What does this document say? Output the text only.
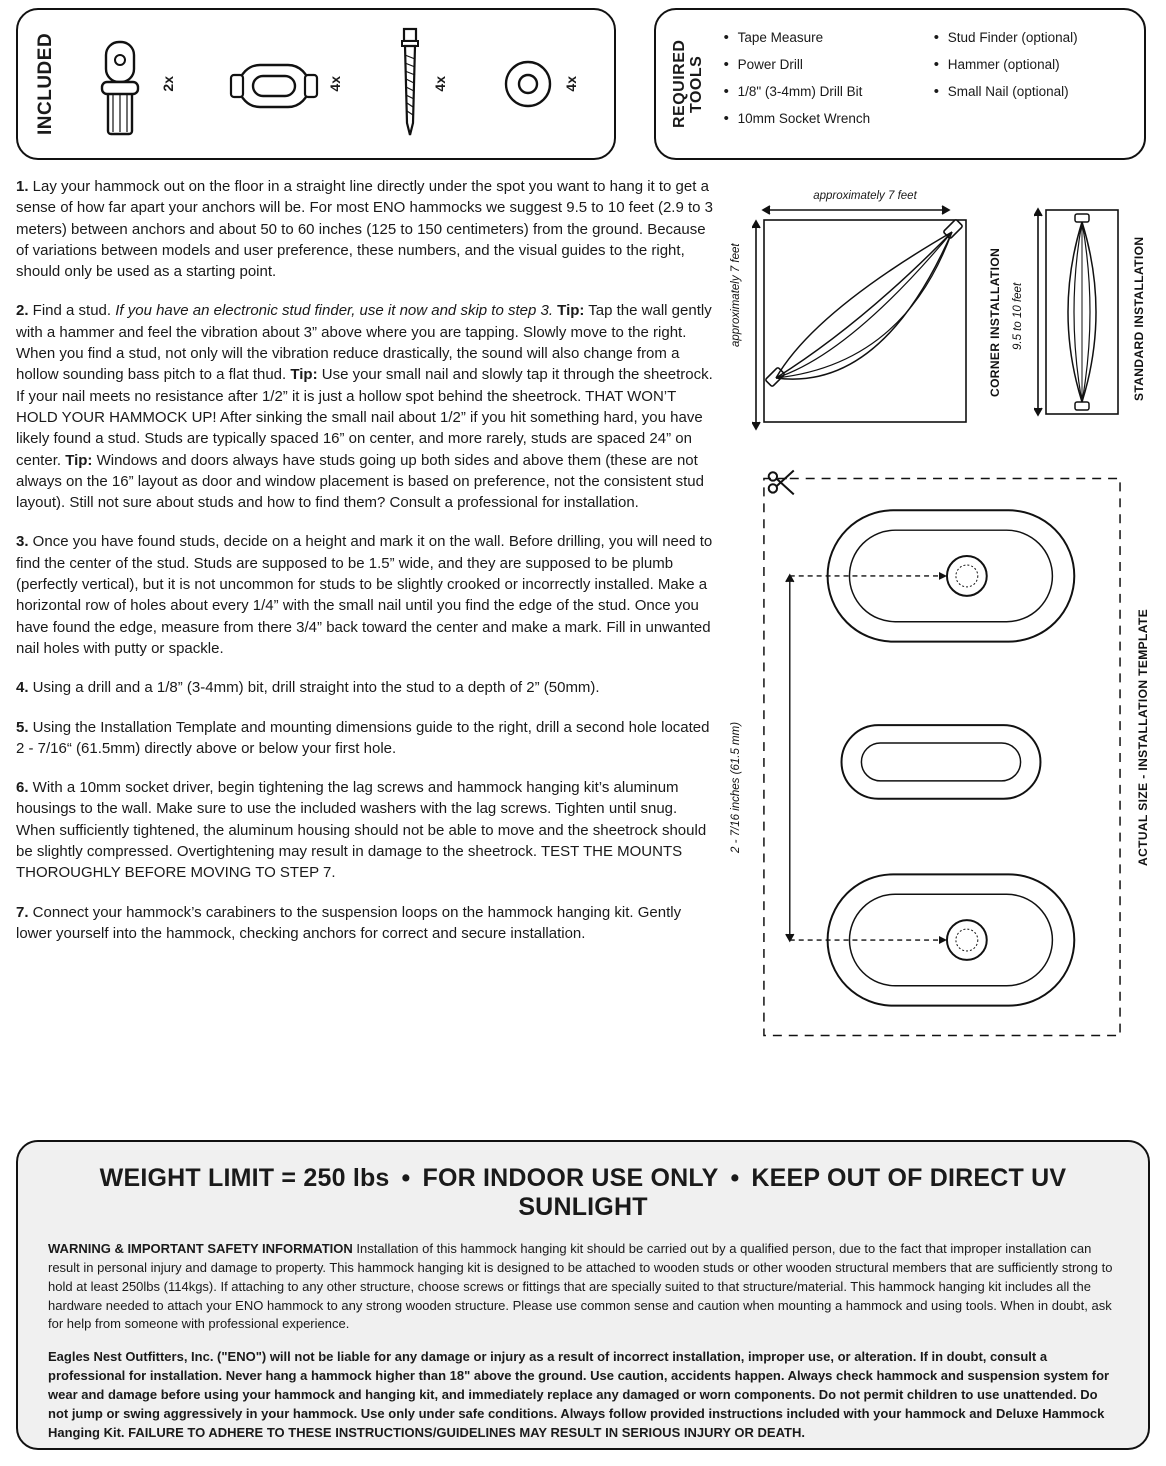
INCLUDED	2x	4x	4x	4x	REQUIRED
TOOLS
• Tape Measure
• Power Drill
• 1/8" (3-4mm) Drill Bit
• 10mm Socket Wrench
• Stud Finder (optional)
• Hammer (optional)
• Small Nail (optional)
1. Lay your hammock out on the floor in a straight line directly under the spot you want to hang it to get a sense of how far apart your anchors will be. For most ENO hammocks we suggest 9.5 to 10 feet (2.9 to 3 meters) between anchors and about 50 to 60 inches (125 to 150 centimeters) from the ground. Because of variations between models and user preference, these numbers, and the visual guides to the right, should only be used as a starting point.
2. Find a stud. If you have an electronic stud finder, use it now and skip to step 3. Tip: Tap the wall gently with a hammer and feel the vibration about 3” above where you are tapping. Slowly move to the right. When you find a stud, not only will the vibration reduce drastically, the sound will also change from a hollow sounding bass pitch to a flat thud. Tip: Use your small nail and slowly tap it through the sheetrock. If your nail meets no resistance after 1/2” it is just a hollow spot behind the sheetrock. THAT WON’T HOLD YOUR HAMMOCK UP! After sinking the small nail about 1/2” if you hit something hard, you have likely found a stud. Studs are typically spaced 16” on center, and more rarely, studs are spaced 24” on center. Tip: Windows and doors always have studs going up both sides and above them (these are not always on the 16” layout as door and window placement is based on preference, not the consistent stud layout). Still not sure about studs and how to find them? Consult a professional for installation.
3. Once you have found studs, decide on a height and mark it on the wall. Before drilling, you will need to find the center of the stud. Studs are supposed to be 1.5” wide, and they are supposed to be plumb (perfectly vertical), but it is not uncommon for studs to be slightly crooked or incorrectly installed. Make a horizontal row of holes about every 1/4” with the small nail until you find the edge of the stud. Once you have found the edge, measure from there 3/4” back toward the center and make a mark. Fill in unwanted nail holes with putty or spackle.
4. Using a drill and a 1/8” (3-4mm) bit, drill straight into the stud to a depth of 2” (50mm).
5. Using the Installation Template and mounting dimensions guide to the right, drill a second hole located 2 - 7/16“ (61.5mm) directly above or below your first hole.
6. With a 10mm socket driver, begin tightening the lag screws and hammock hanging kit’s aluminum housings to the wall. Make sure to use the included washers with the lag screws. Tighten until snug. When sufficiently tightened, the aluminum housing should not be able to move and the sheetrock should be slightly compressed. Overtightening may result in damage to the sheetrock. TEST THE MOUNTS THOROUGHLY BEFORE MOVING TO STEP 7.
7. Connect your hammock’s carabiners to the suspension loops on the hammock hanging kit. Gently lower yourself into the hammock, checking anchors for correct and secure installation.
approximately 7 feet
approximately 7 feet
CORNER INSTALLATION 9.5 to 10 feet	STANDARD INSTALLATION
2 - 7/16 inches (61.5 mm)	ACTUAL SIZE - INSTALLATION TEMPLATE
WEIGHT LIMIT = 250 lbs • FOR INDOOR USE ONLY • KEEP OUT OF DIRECT UV SUNLIGHT
WARNING & IMPORTANT SAFETY INFORMATION Installation of this hammock hanging kit should be carried out by a qualified person, due to the fact that improper installation can result in personal injury and damage to property. This hammock hanging kit is designed to be attached to wooden studs or other wooden structural members that are sufficiently strong to hold at least 250lbs (114kgs). If attaching to any other structure, choose screws or fittings that are specially suited to that structure/material. This hammock hanging kit includes all the hardware needed to attach your ENO hammock to any strong wooden structure. Please use common sense and caution when mounting a hammock and using tools. When in doubt, ask for help from someone with professional experience.
Eagles Nest Outfitters, Inc. ("ENO") will not be liable for any damage or injury as a result of incorrect installation, improper use, or alteration. If in doubt, consult a professional for installation. Never hang a hammock higher than 18" above the ground. Use caution, accidents happen. Always check hammock and suspension system for wear and damage before using your hammock and hanging kit, and immediately replace any damaged or worn components. Do not permit children to use unattended. Do not jump or swing aggressively in your hammock. Use only under safe conditions. Always follow provided instructions included with your hammock and Deluxe Hammock Hanging Kit. FAILURE TO ADHERE TO THESE INSTRUCTIONS/GUIDELINES MAY RESULT IN SERIOUS INJURY OR DEATH.
